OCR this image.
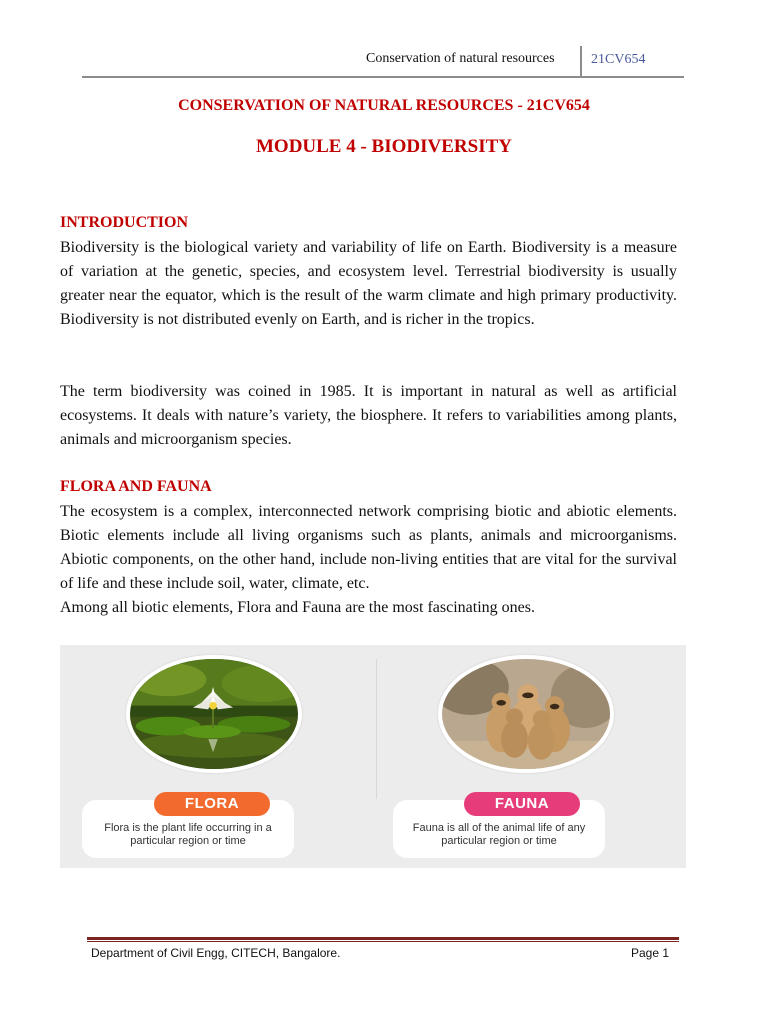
Conservation of natural resources	21CV654
CONSERVATION OF NATURAL RESOURCES - 21CV654
MODULE 4 - BIODIVERSITY
INTRODUCTION

Biodiversity is the biological variety and variability of life on Earth. Biodiversity is a measure of variation at the genetic, species, and ecosystem level. Terrestrial biodiversity is usually greater near the equator, which is the result of the warm climate and high primary productivity. Biodiversity is not distributed evenly on Earth, and is richer in the tropics.

The term biodiversity was coined in 1985. It is important in natural as well as artificial ecosystems. It deals with nature’s variety, the biosphere. It refers to variabilities among plants, animals and microorganism species.

FLORA AND FAUNA

The ecosystem is a complex, interconnected network comprising biotic and abiotic elements. Biotic elements include all living organisms such as plants, animals and microorganisms. Abiotic components, on the other hand, include non-living entities that are vital for the survival of life and these include soil, water, climate, etc.

Among all biotic elements, Flora and Fauna are the most fascinating ones.

Flora is the plant life occurring in a particular region or time
FLORA
Fauna is all of the animal life of any particular region or time
FAUNA
Department of Civil Engg, CITECH, Bangalore.	Page 1
